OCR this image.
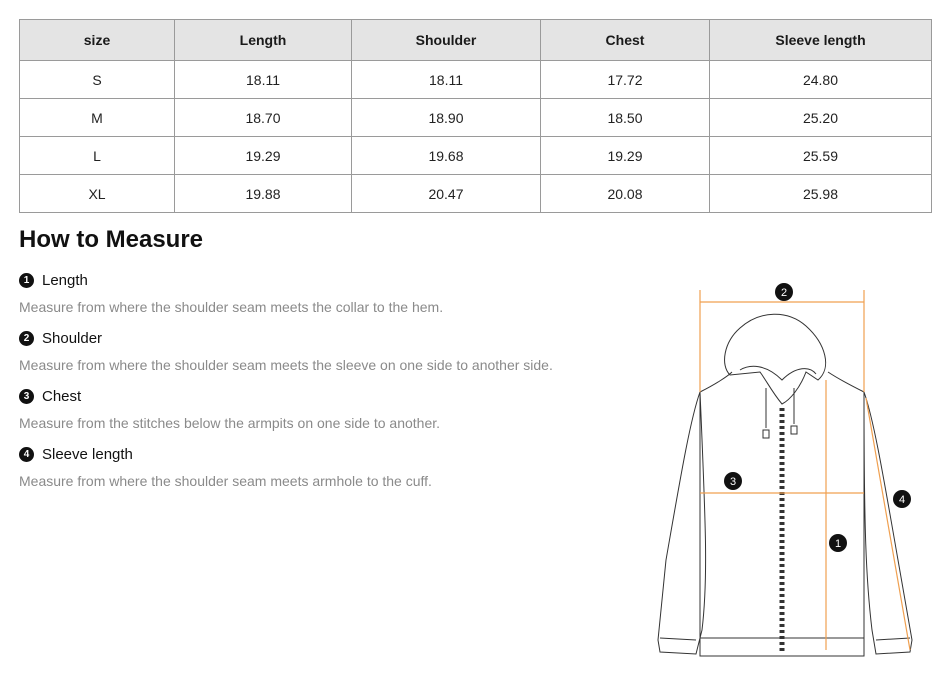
size	Length	Shoulder	Chest	Sleeve length
S	18.11	18.11	17.72	24.80
M	18.70	18.90	18.50	25.20
L	19.29	19.68	19.29	25.59
XL	19.88	20.47	20.08	25.98
How to Measure
1 Length
Measure from where the shoulder seam meets the collar to the hem.
2 Shoulder
Measure from where the shoulder seam meets the sleeve on one side to another side.
3 Chest
Measure from the stitches below the armpits on one side to another.
4 Sleeve length
Measure from where the shoulder seam meets armhole to the cuff.
2
3
1
4
